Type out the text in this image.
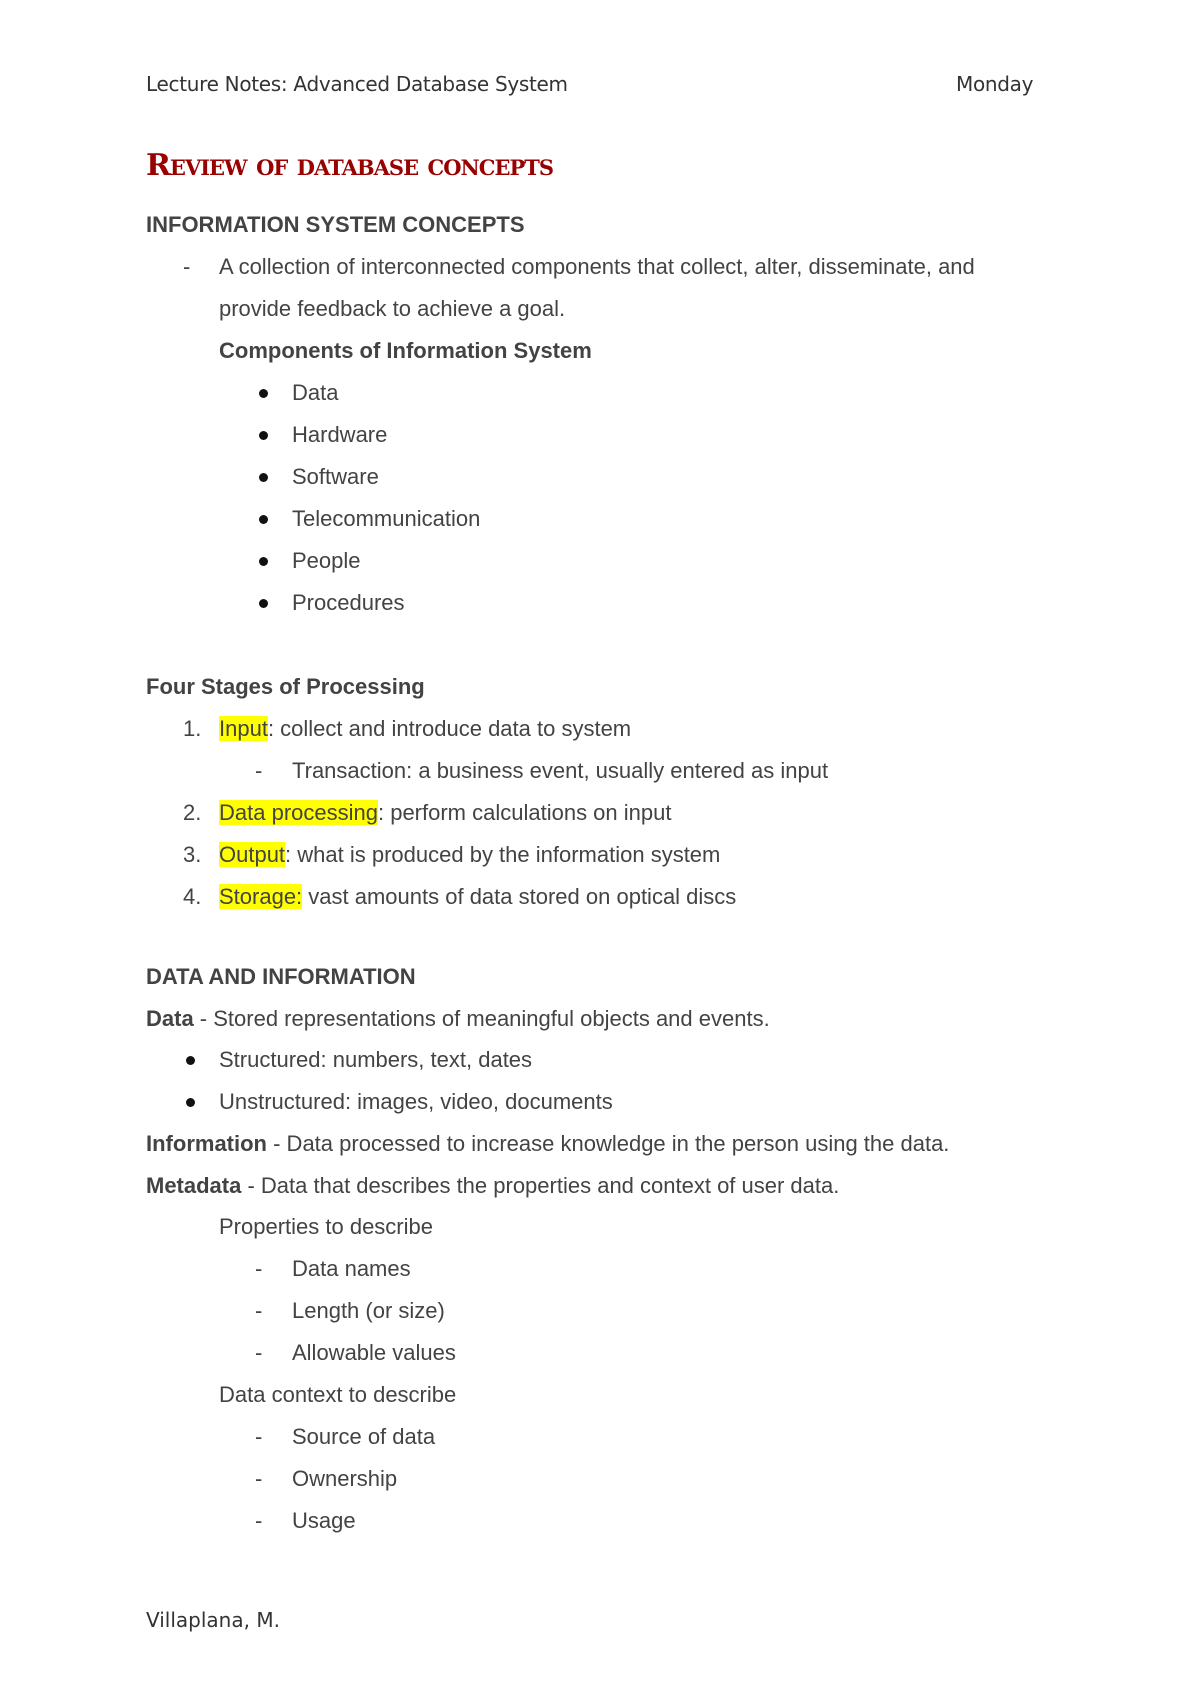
Lecture Notes: Advanced Database System	Monday
Review of database concepts
INFORMATION SYSTEM CONCEPTS
- A collection of interconnected components that collect, alter, disseminate, and
provide feedback to achieve a goal.
Components of Information System
Data
Hardware
Software
Telecommunication
People
Procedures
Four Stages of Processing
1. Input: collect and introduce data to system
- Transaction: a business event, usually entered as input
2. Data processing: perform calculations on input
3. Output: what is produced by the information system
4. Storage: vast amounts of data stored on optical discs
DATA AND INFORMATION
Data - Stored representations of meaningful objects and events.
Structured: numbers, text, dates
Unstructured: images, video, documents
Information - Data processed to increase knowledge in the person using the data.
Metadata - Data that describes the properties and context of user data.
Properties to describe
- Data names
- Length (or size)
- Allowable values
Data context to describe
- Source of data
- Ownership
- Usage
Villaplana, M.
